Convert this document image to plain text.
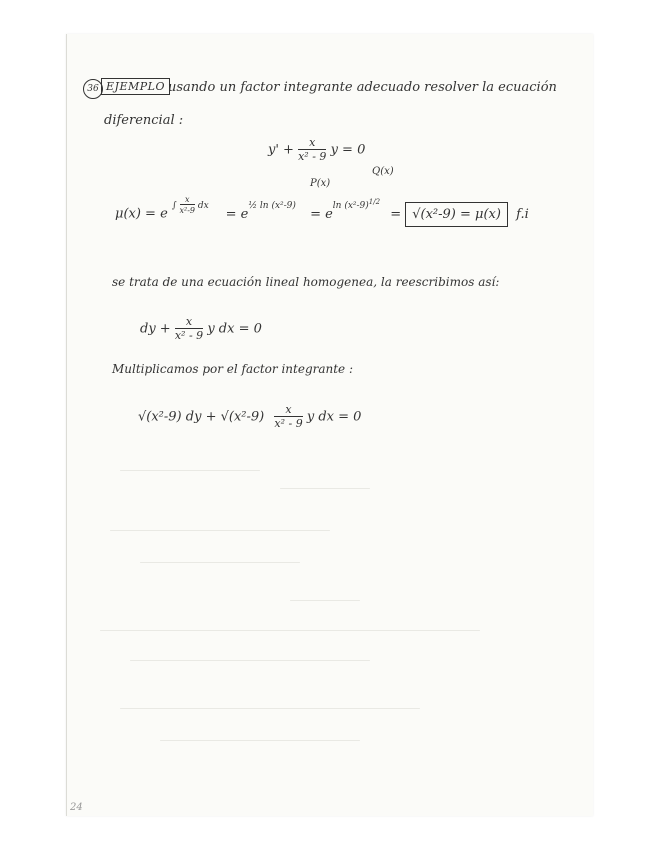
36 EJEMPLO usando un factor integrante adecuado resolver la ecuación
diferencial :
$y' + \frac{x}{\text{x² - 9}}$ y = 0
P(x)
Q(x)
μ(x) = e $^{\int \frac{x}{\text{x²-9}} dx} = e^{\frac{1}{2} ln (x^2-9)} = e^{ln (x^2-9)1/2} = √(x^2-9) = \mu(x)$ f.i
se trata de una ecuación lineal homogenea, la reescribimos así:
dy + $\frac{x}{\text{x² - 9}}$ y dx = 0
Multiplicamos por el factor integrante :
√(x²-9) dy + $√(x^2-9) \frac{x}{\text{x² - 9}}$ y dx = 0
24
